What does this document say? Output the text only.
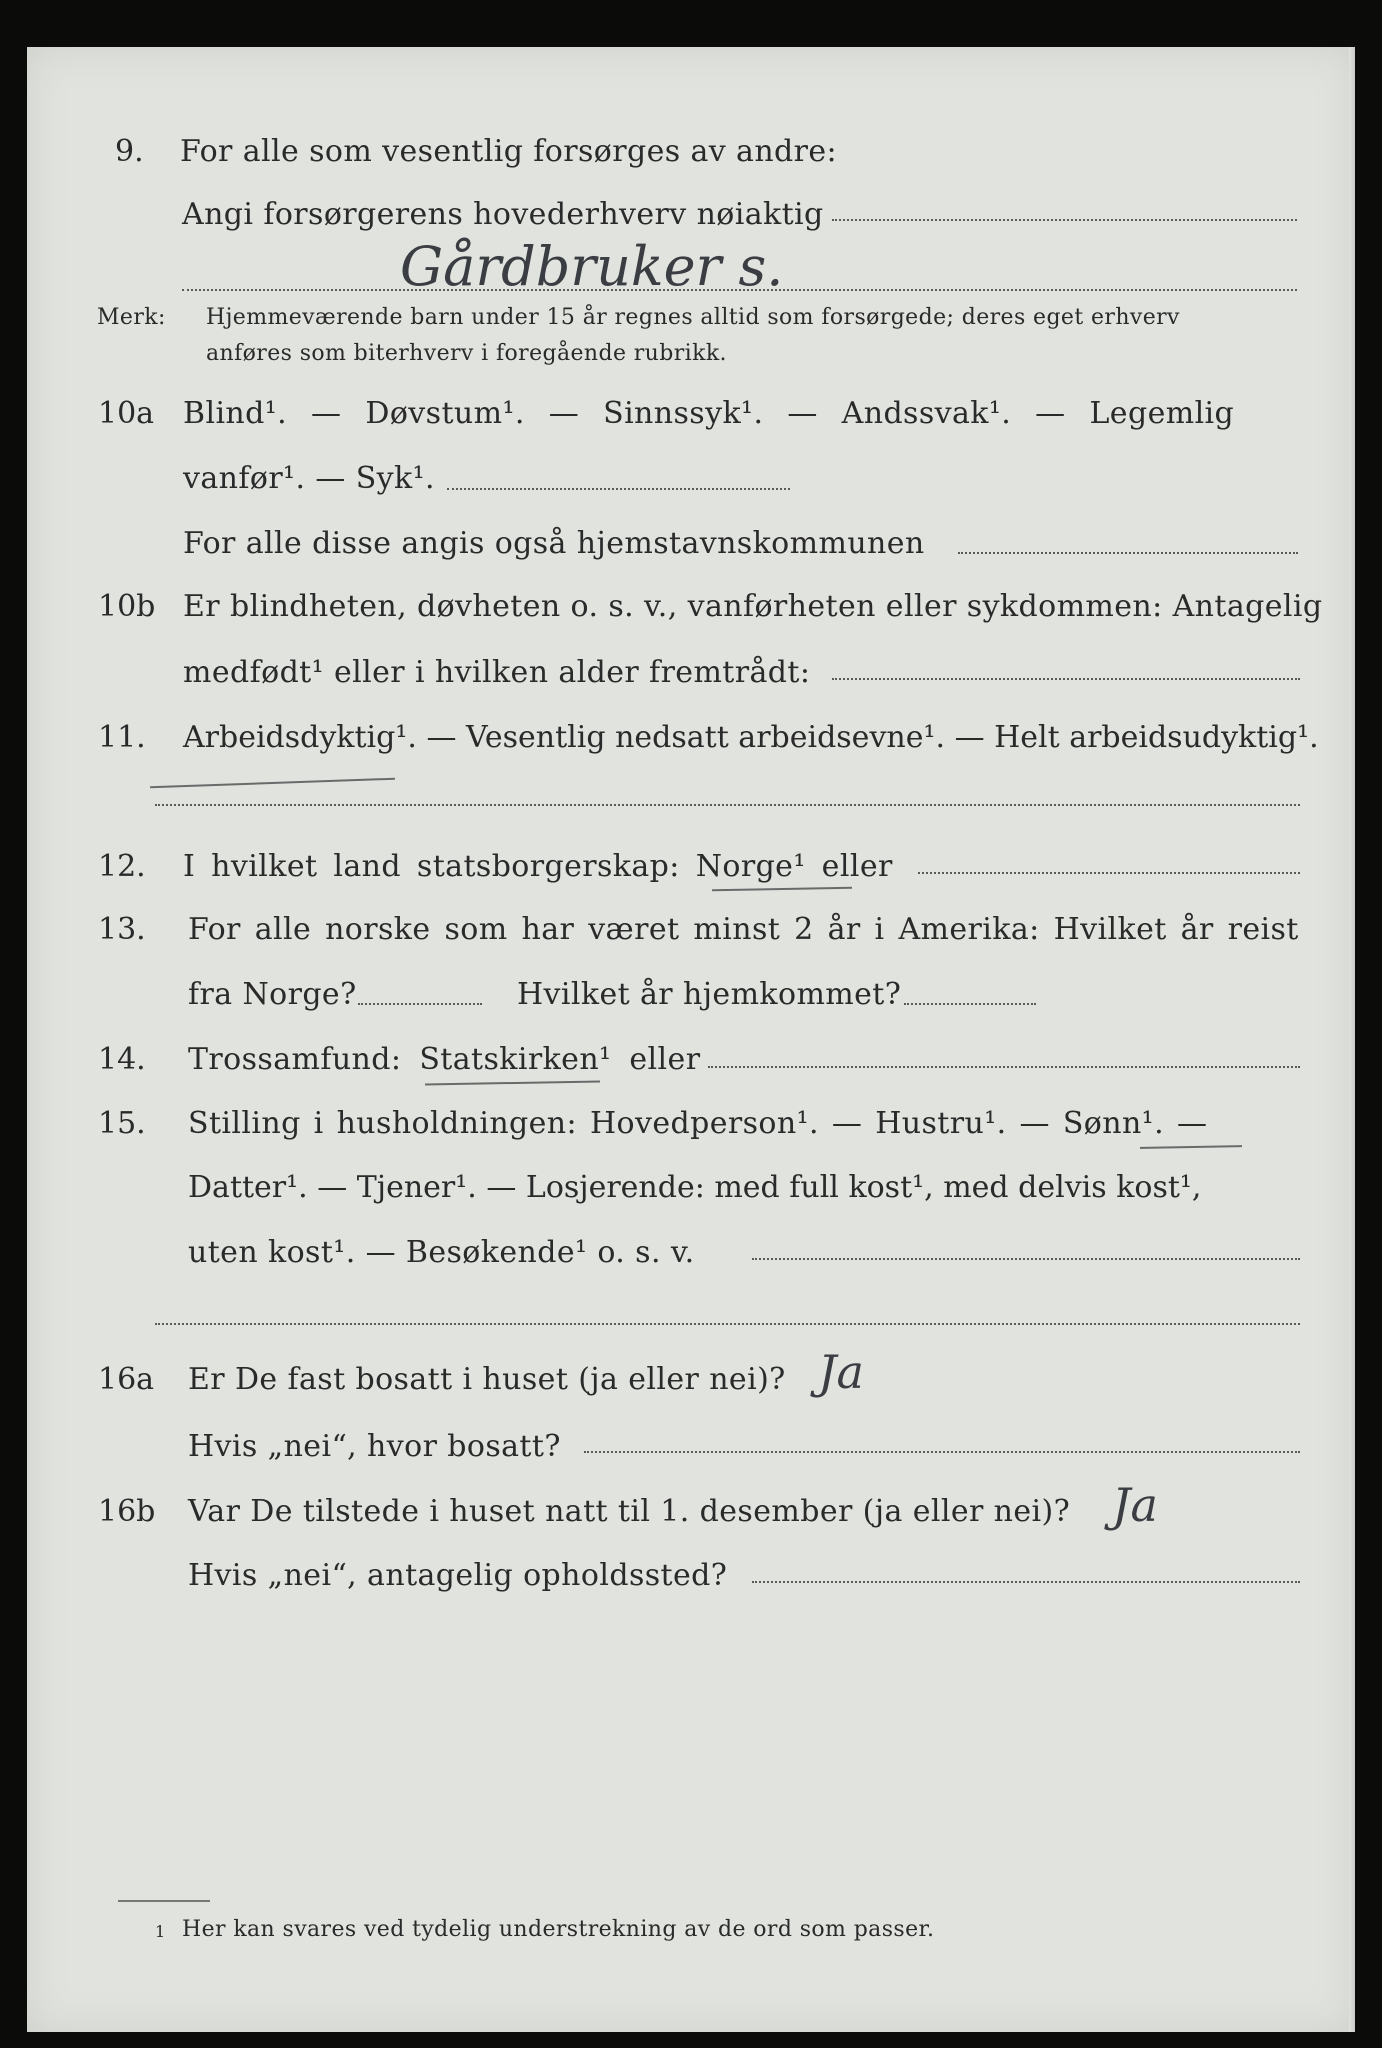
9. For alle som vesentlig forsørges av andre:
Angi forsørgerens hovederhverv nøiaktig
Gårdbruker s.
Merk: Hjemmeværende barn under 15 år regnes alltid som forsørgede; deres eget erhverv
anføres som biterhverv i foregående rubrikk.
10a Blind¹. — Døvstum¹. — Sinnssyk¹. — Andssvak¹. — Legemlig
vanfør¹. — Syk¹.
For alle disse angis også hjemstavnskommunen
10b Er blindheten, døvheten o. s. v., vanførheten eller sykdommen: Antagelig
medfødt¹ eller i hvilken alder fremtrådt:
11. Arbeidsdyktig¹. — Vesentlig nedsatt arbeidsevne¹. — Helt arbeidsudyktig¹.
12. I hvilket land statsborgerskap: Norge¹ eller
13. For alle norske som har været minst 2 år i Amerika: Hvilket år reist
fra Norge?	Hvilket år hjemkommet?
14. Trossamfund: Statskirken¹ eller
15. Stilling i husholdningen: Hovedperson¹. — Hustru¹. — Sønn¹. —
Datter¹. — Tjener¹. — Losjerende: med full kost¹, med delvis kost¹,
uten kost¹. — Besøkende¹ o. s. v.
16a Er De fast bosatt i huset (ja eller nei)? Ja
Hvis „nei“, hvor bosatt?
16b Var De tilstede i huset natt til 1. desember (ja eller nei)? Ja
Hvis „nei“, antagelig opholdssted?
1 Her kan svares ved tydelig understrekning av de ord som passer.
